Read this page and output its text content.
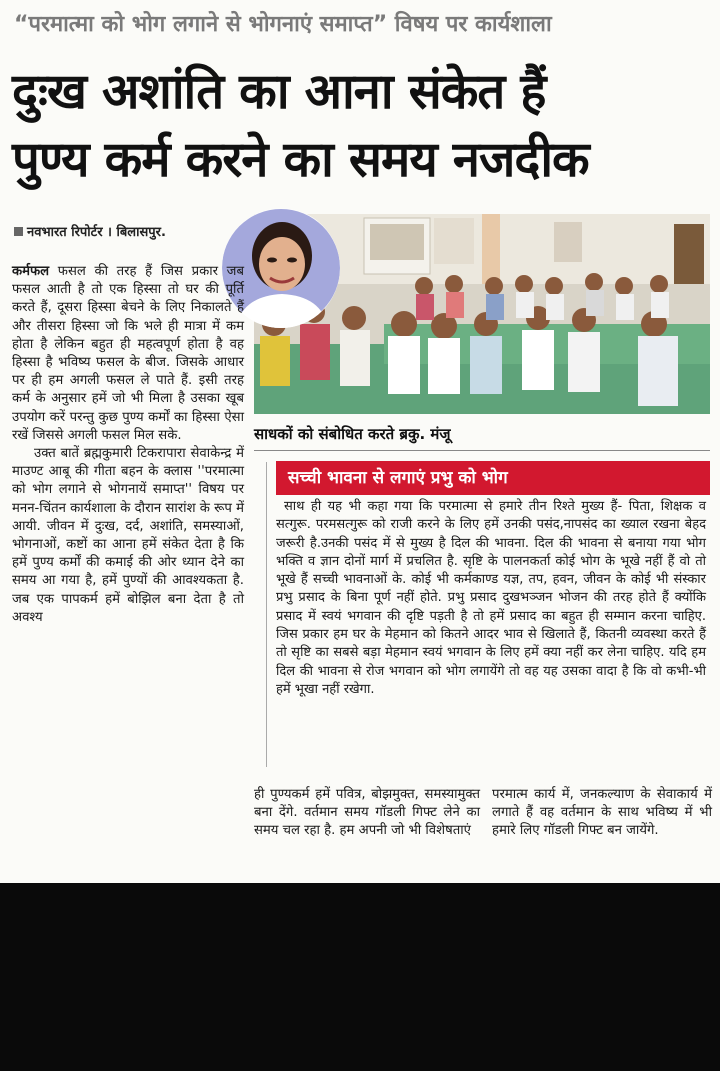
“परमात्मा को भोग लगाने से भोगनाएं समाप्त” विषय पर कार्यशाला
दुःख अशांति का आना संकेत हैं
पुण्य कर्म करने का समय नजदीक
नवभारत रिपोर्टर । बिलासपुर.
साधकों को संबोधित करते ब्रकु. मंजू

कर्मफल फसल की तरह हैं जिस प्रकार जब फसल आती है तो एक हिस्सा तो घर की पूर्ति करते हैं, दूसरा हिस्सा बेचने के लिए निकालते हैं और तीसरा हिस्सा जो कि भले ही मात्रा में कम होता है लेकिन बहुत ही महत्वपूर्ण होता है वह हिस्सा है भविष्य फसल के बीज. जिसके आधार पर ही हम अगली फसल ले पाते हैं. इसी तरह कर्म के अनुसार हमें जो भी मिला है उसका खूब उपयोग करें परन्तु कुछ पुण्य कर्मों का हिस्सा ऐसा रखें जिससे अगली फसल मिल सके.

उक्त बातें ब्रह्मकुमारी टिकरापारा सेवाकेन्द्र में माउण्ट आबू की गीता बहन के क्लास ''परमात्मा को भोग लगाने से भोगनायें समाप्त'' विषय पर मनन-चिंतन कार्यशाला के दौरान सारांश के रूप में आयी. जीवन में दुःख, दर्द, अशांति, समस्याओं, भोगनाओं, कष्टों का आना हमें संकेत देता है कि हमें पुण्य कर्मों की कमाई की ओर ध्यान देने का समय आ गया है, हमें पुण्यों की आवश्यकता है. जब एक पापकर्म हमें बोझिल बना देता है तो अवश्य

सच्ची भावना से लगाएं प्रभु को भोग

साथ ही यह भी कहा गया कि परमात्मा से हमारे तीन रिश्ते मुख्य हैं- पिता, शिक्षक व सत्गुरू. परमसत्गुरू को राजी करने के लिए हमें उनकी पसंद,नापसंद का ख्याल रखना बेहद जरूरी है.उनकी पसंद में से मुख्य है दिल की भावना. दिल की भावना से बनाया गया भोग भक्ति व ज्ञान दोनों मार्ग में प्रचलित है. सृष्टि के पालनकर्ता कोई भोग के भूखे नहीं हैं वो तो भूखे हैं सच्ची भावनाओं के. कोई भी कर्मकाण्ड यज्ञ, तप, हवन, जीवन के कोई भी संस्कार प्रभु प्रसाद के बिना पूर्ण नहीं होते. प्रभु प्रसाद दुखभञ्जन भोजन की तरह होते हैं क्योंकि प्रसाद में स्वयं भगवान की दृष्टि पड़ती है तो हमें प्रसाद का बहुत ही सम्मान करना चाहिए. जिस प्रकार हम घर के मेहमान को कितने आदर भाव से खिलाते हैं, कितनी व्यवस्था करते हैं तो सृष्टि का सबसे बड़ा मेहमान स्वयं भगवान के लिए हमें क्या नहीं कर लेना चाहिए. यदि हम दिल की भावना से रोज भगवान को भोग लगायेंगे तो वह यह उसका वादा है कि वो कभी-भी हमें भूखा नहीं रखेगा.

ही पुण्यकर्म हमें पवित्र, बोझमुक्त, समस्यामुक्त बना देंगे. वर्तमान समय गॉडली गिफ्ट लेने का समय चल रहा है. हम अपनी जो भी विशेषताएं

परमात्म कार्य में, जनकल्याण के सेवाकार्य में लगाते हैं वह वर्तमान के साथ भविष्य में भी हमारे लिए गॉडली गिफ्ट बन जायेंगे.
